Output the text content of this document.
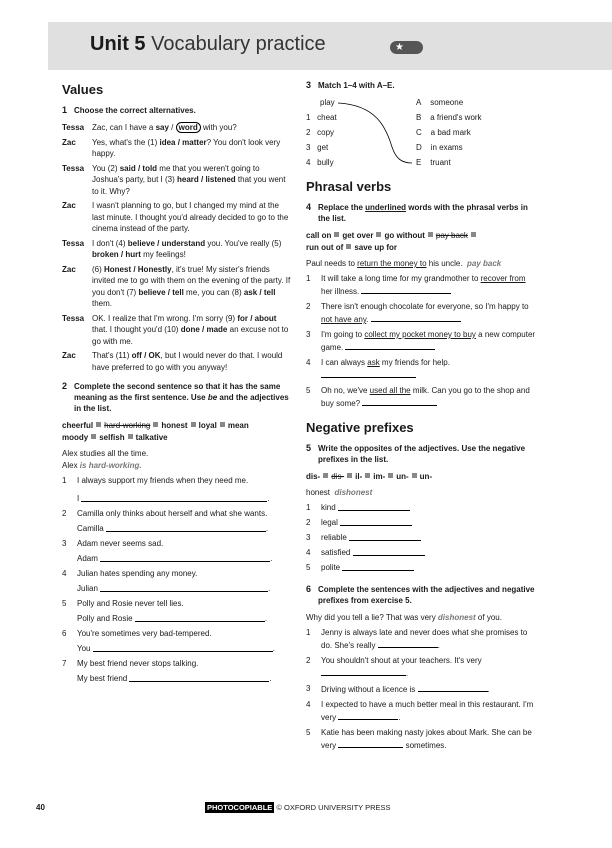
Unit 5 Vocabulary practice	★
Values
1 Choose the correct alternatives.
Tessa Zac, can I have a say / word with you?
Zac	Yes, what's the (1) idea / matter? You don't look very happy.
Tessa You (2) said / told me that you weren't going to Joshua's party, but I (3) heard / listened that you went to it. Why?
Zac	I wasn't planning to go, but I changed my mind at the last minute. I thought you'd already decided to go to the cinema instead of the party.
Tessa I don't (4) believe / understand you. You've really (5) broken / hurt my feelings!
Zac	(6) Honest / Honestly, it's true! My sister's friends invited me to go with them on the evening of the party. If you don't (7) believe / tell me, you can (8) ask / tell them.
Tessa OK. I realize that I'm wrong. I'm sorry (9) for / about that. I thought you'd (10) done / made an excuse not to go with me.
Zac	That's (11) off / OK, but I would never do that. I would have preferred to go with you anyway!
2 Complete the second sentence so that it has the same meaning as the first sentence. Use be and the adjectives in the list.
cheerful hard-working honest loyal mean
moody selfish talkative
Alex studies all the time.
Alex is hard-working.
1	I always support my friends when they need me.
I
	.
2	Camilla only thinks about herself and what she wants.
Camilla
	.
3	Adam never seems sad.
Adam
	.
4	Julian hates spending any money.
Julian
	.
5	Polly and Rosie never tell lies.
Polly and Rosie
	.
6	You're sometimes very bad-tempered.
You
	.
7	My best friend never stops talking.
My best friend
	.
3 Match 1–4 with A–E.
play
1 cheat
2 copy
3 get
4 bully
A someone
B a friend's work
C a bad mark
D in exams
E truant
Phrasal verbs
4 Replace the underlined words with the phrasal verbs in the list.
call on get over go without pay back
run out of save up for
Paul needs to return the money to his uncle. pay back
1	It will take a long time for my grandmother to recover from her illness.
2	There isn't enough chocolate for everyone, so I'm happy to not have any.
3	I'm going to collect my pocket money to buy a new computer game.
4	I can always ask my friends for help.

5	Oh no, we've used all the milk. Can you go to the shop and buy some?
Negative prefixes
5 Write the opposites of the adjectives. Use the negative prefixes in the list.
dis- dis- il- im- un- un-
honest dishonest
1	kind

2	legal

3	reliable

4	satisfied

5	polite

6 Complete the sentences with the adjectives and negative prefixes from exercise 5.
Why did you tell a lie? That was very dishonest of you.
1	Jenny is always late and never does what she promises to do. She's really	.
2	You shouldn't shout at your teachers. It's very
.
3	Driving without a licence is	.
4	I expected to have a much better meal in this restaurant. I'm very	.
5	Katie has been making nasty jokes about Mark. She can be very	sometimes.
40	PHOTOCOPIABLE © OXFORD UNIVERSITY PRESS
